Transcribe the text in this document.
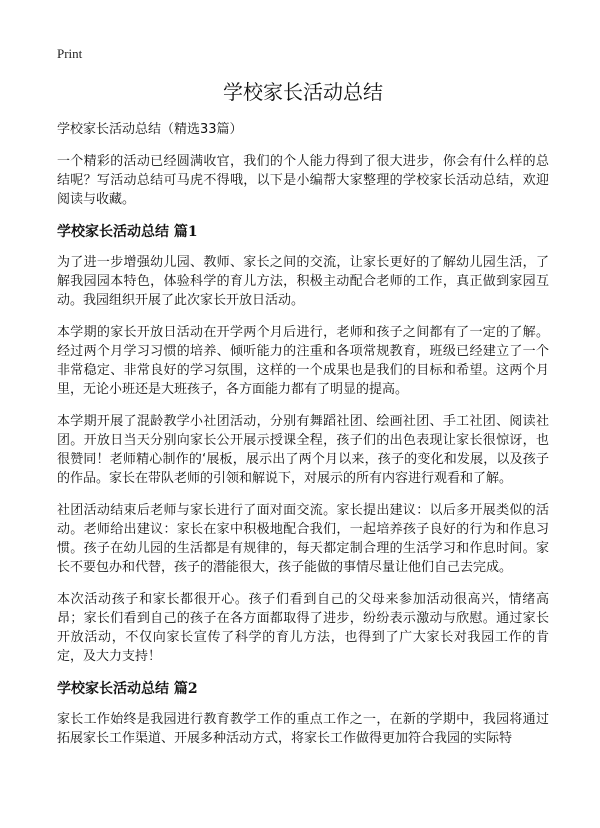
Print
学校家长活动总结
学校家长活动总结（精选33篇）

一个精彩的活动已经圆满收官，我们的个人能力得到了很大进步，你会有什么样的总结呢？写活动总结可马虎不得哦，以下是小编帮大家整理的学校家长活动总结，欢迎阅读与收藏。

学校家长活动总结 篇1

为了进一步增强幼儿园、教师、家长之间的交流，让家长更好的了解幼儿园生活，了解我园园本特色，体验科学的育儿方法，积极主动配合老师的工作，真正做到家园互动。我园组织开展了此次家长开放日活动。

本学期的家长开放日活动在开学两个月后进行，老师和孩子之间都有了一定的了解。经过两个月学习习惯的培养、倾听能力的注重和各项常规教育，班级已经建立了一个非常稳定、非常良好的学习氛围，这样的一个成果也是我们的目标和希望。这两个月里，无论小班还是大班孩子，各方面能力都有了明显的提高。

本学期开展了混龄教学小社团活动，分别有舞蹈社团、绘画社团、手工社团、阅读社团。开放日当天分别向家长公开展示授课全程，孩子们的出色表现让家长很惊讶，也很赞同！老师精心制作的‘展板，展示出了两个月以来，孩子的变化和发展，以及孩子的作品。家长在带队老师的引领和解说下，对展示的所有内容进行观看和了解。

社团活动结束后老师与家长进行了面对面交流。家长提出建议：以后多开展类似的活动。老师给出建议：家长在家中积极地配合我们，一起培养孩子良好的行为和作息习惯。孩子在幼儿园的生活都是有规律的，每天都定制合理的生活学习和作息时间。家长不要包办和代替，孩子的潜能很大，孩子能做的事情尽量让他们自己去完成。

本次活动孩子和家长都很开心。孩子们看到自己的父母来参加活动很高兴，情绪高昂；家长们看到自己的孩子在各方面都取得了进步，纷纷表示激动与欣慰。通过家长开放活动，不仅向家长宣传了科学的育儿方法，也得到了广大家长对我园工作的肯定，及大力支持！

学校家长活动总结 篇2

家长工作始终是我园进行教育教学工作的重点工作之一，在新的学期中，我园将通过拓展家长工作渠道、开展多种活动方式，将家长工作做得更加符合我园的实际特
